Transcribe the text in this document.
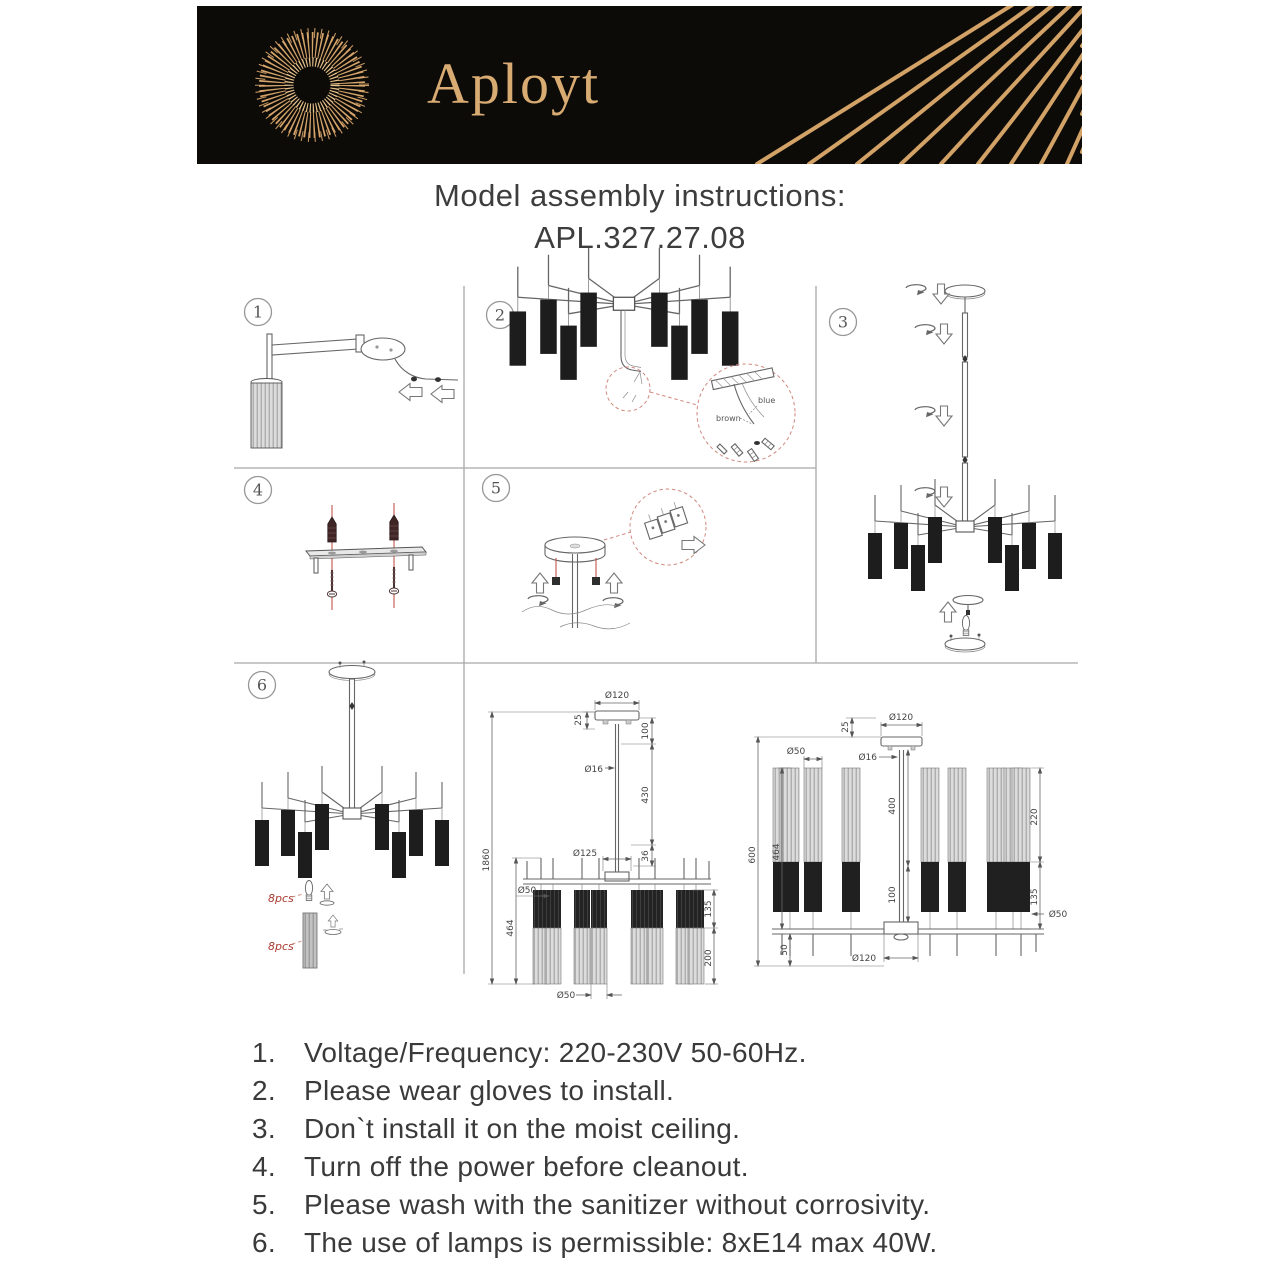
Aployt
Model assembly instructions:
APL.327.27.08
1	2	3
4	5
6
blue
brown
8pcs
8pcs
Ø120
25
100
Ø16
430
36
Ø125
1860
464
Ø50
135
200
Ø50
25
Ø120
Ø16
Ø50
400
100
600 464
220
135
Ø50
Ø120
50
1.	Voltage/Frequency: 220-230V 50-60Hz.
2.	Please wear gloves to install.
3.	Don`t install it on the moist ceiling.
4.	Turn off the power before cleanout.
5.	Please wash with the sanitizer without corrosivity.
6.	The use of lamps is permissible: 8xE14 max 40W.
